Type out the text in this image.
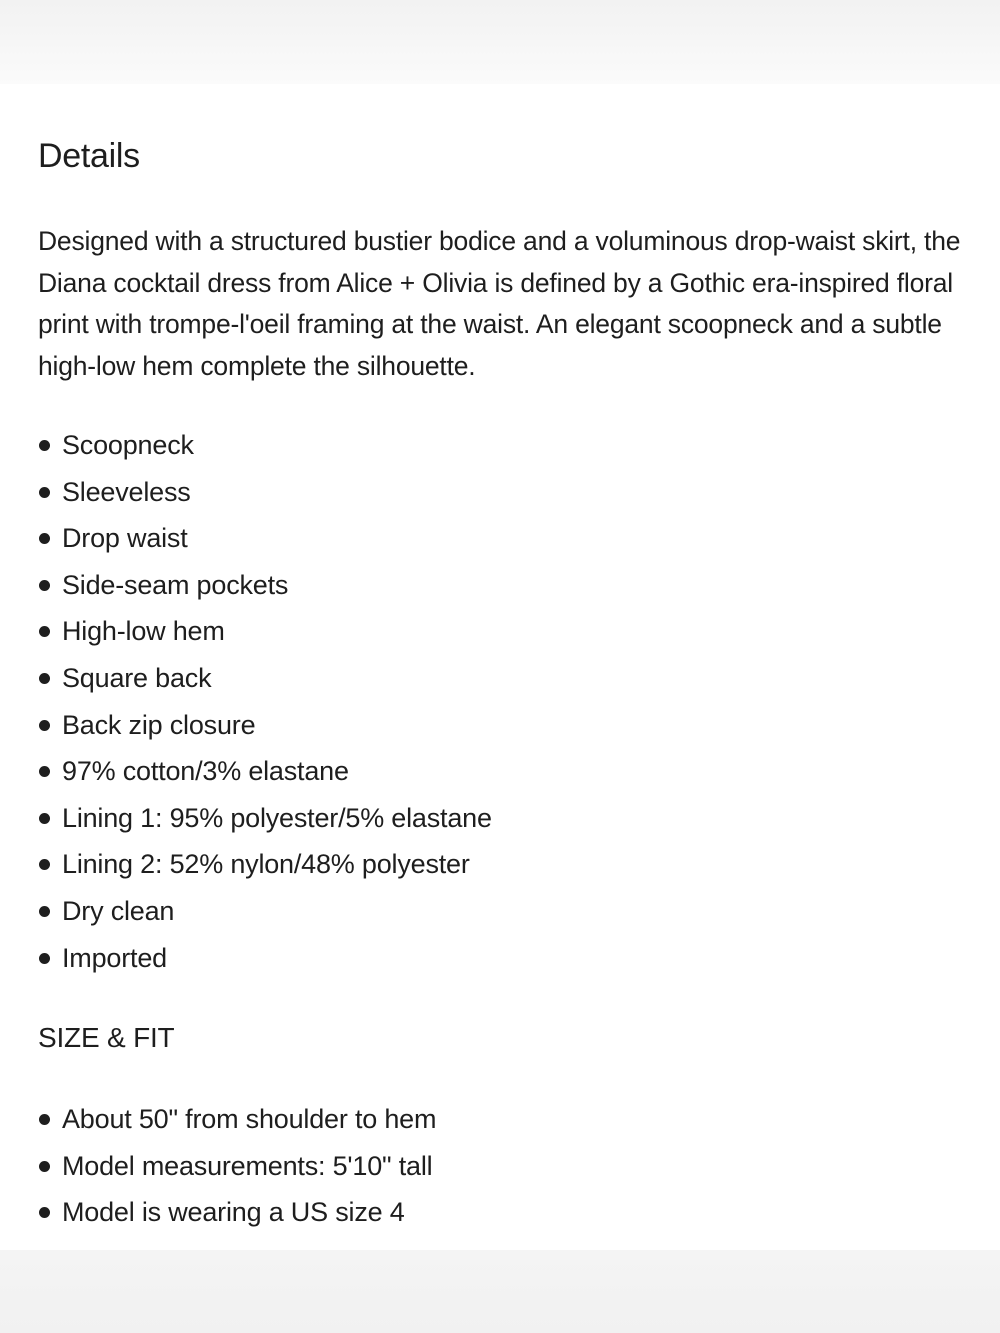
Details

Designed with a structured bustier bodice and a voluminous drop-waist skirt, the Diana cocktail dress from Alice + Olivia is defined by a Gothic era-inspired floral print with trompe-l'oeil framing at the waist. An elegant scoopneck and a subtle high-low hem complete the silhouette.

Scoopneck
Sleeveless
Drop waist
Side-seam pockets
High-low hem
Square back
Back zip closure
97% cotton/3% elastane
Lining 1: 95% polyester/5% elastane
Lining 2: 52% nylon/48% polyester
Dry clean
Imported
SIZE & FIT
About 50" from shoulder to hem
Model measurements: 5'10" tall
Model is wearing a US size 4
